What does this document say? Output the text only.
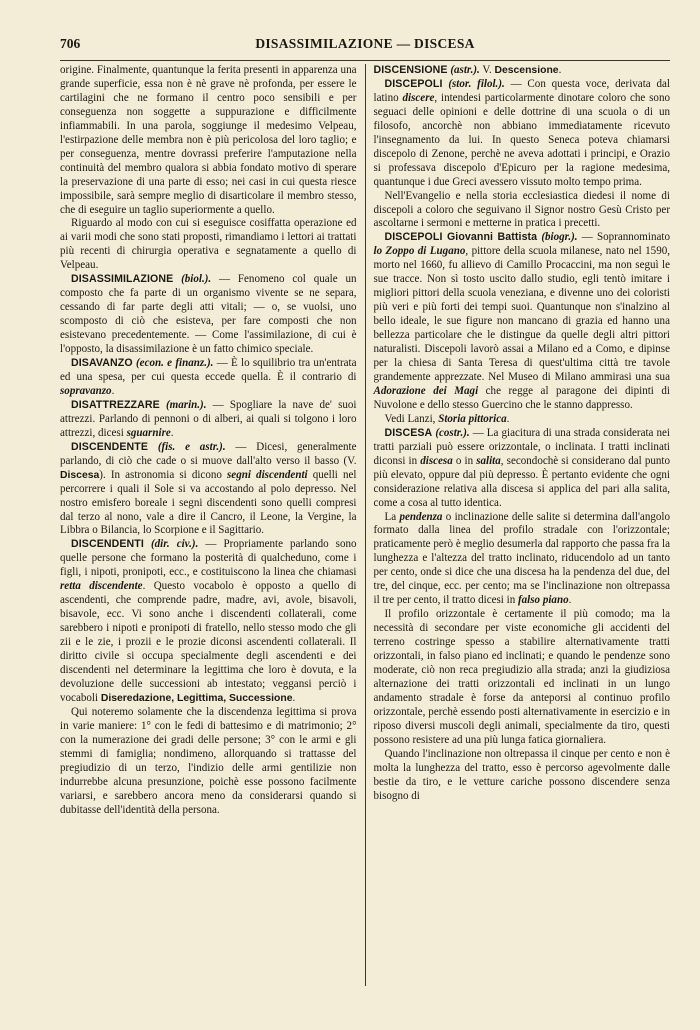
706	DISASSIMILAZIONE — DISCESA

origine. Finalmente, quantunque la ferita presenti in apparenza una grande superficie, essa non è nè grave nè profonda, per essere le cartilagini che ne formano il centro poco sensibili e per conseguenza non soggette a suppurazione e difficilmente infiammabili. In una parola, soggiunge il medesimo Velpeau, l'estirpazione delle membra non è più pericolosa del loro taglio; e per conseguenza, mentre dovrassi preferire l'amputazione nella continuità del membro qualora si abbia fondato motivo di sperare la preservazione di una parte di esso; nei casi in cui questa riesce impossibile, sarà sempre meglio di disarticolare il membro stesso, che di eseguire un taglio superiormente a quello.

Riguardo al modo con cui si eseguisce cosiffatta operazione ed ai varii modi che sono stati proposti, rimandiamo i lettori ai trattati più recenti di chirurgia operativa e segnatamente a quello di Velpeau.

DISASSIMILAZIONE (biol.). — Fenomeno col quale un composto che fa parte di un organismo vivente se ne separa, cessando di far parte degli atti vitali; — o, se vuolsi, uno scomposto di ciò che esisteva, per fare composti che non esistevano precedentemente. — Come l'assimilazione, di cui è l'opposto, la disassimilazione è un fatto chimico speciale.

DISAVANZO (econ. e finanz.). — È lo squilibrio tra un'entrata ed una spesa, per cui questa eccede quella. È il contrario di sopravanzo.

DISATTREZZARE (marin.). — Spogliare la nave de' suoi attrezzi. Parlando di pennoni o di alberi, ai quali si tolgono i loro attrezzi, dicesi sguarnire.

DISCENDENTE (fis. e astr.). — Dicesi, generalmente parlando, di ciò che cade o si muove dall'alto verso il basso (V. Discesa). In astronomia si dicono segni discendenti quelli nel percorrere i quali il Sole si va accostando al polo depresso. Nel nostro emisfero boreale i segni discendenti sono quelli compresi dal terzo al nono, vale a dire il Cancro, il Leone, la Vergine, la Libbra o Bilancia, lo Scorpione e il Sagittario.

DISCENDENTI (dir. civ.). — Propriamente parlando sono quelle persone che formano la posterità di qualcheduno, come i figli, i nipoti, pronipoti, ecc., e costituiscono la linea che chiamasi retta discendente. Questo vocabolo è opposto a quello di ascendenti, che comprende padre, madre, avi, avole, bisavoli, bisavole, ecc. Vi sono anche i discendenti collaterali, come sarebbero i nipoti e pronipoti di fratello, nello stesso modo che gli zii e le zie, i prozii e le prozie diconsi ascendenti collaterali. Il diritto civile si occupa specialmente degli ascendenti e dei discendenti nel determinare la legittima che loro è dovuta, e la devoluzione delle successioni ab intestato; veggansi perciò i vocaboli Diseredazione, Legittima, Successione.

Qui noteremo solamente che la discendenza legittima si prova in varie maniere: 1° con le fedi di battesimo e di matrimonio; 2° con la numerazione dei gradi delle persone; 3° con le armi e gli stemmi di famiglia; nondimeno, allorquando si trattasse del pregiudizio di un terzo, l'indizio delle armi gentilizie non indurrebbe alcuna presunzione, poichè esse possono facilmente variarsi, e sarebbero ancora meno da considerarsi quando si dubitasse dell'identità della persona.

DISCENSIONE (astr.). V. Descensione.

DISCEPOLI (stor. filol.). — Con questa voce, derivata dal latino discere, intendesi particolarmente dinotare coloro che sono seguaci delle opinioni e delle dottrine di una scuola o di un filosofo, ancorchè non abbiano immediatamente ricevuto l'insegnamento da lui. In questo Seneca poteva chiamarsi discepolo di Zenone, perchè ne aveva adottati i principi, e Orazio si professava discepolo d'Epicuro per la ragione medesima, quantunque i due Greci avessero vissuto molto tempo prima.

Nell'Evangelio e nella storia ecclesiastica diedesi il nome di discepoli a coloro che seguivano il Signor nostro Gesù Cristo per ascoltarne i sermoni e metterne in pratica i precetti.

DISCEPOLI Giovanni Battista (biogr.). — Soprannominato lo Zoppo di Lugano, pittore della scuola milanese, nato nel 1590, morto nel 1660, fu allievo di Camillo Procaccini, ma non seguì le sue tracce. Non sì tosto uscito dallo studio, egli tentò imitare i migliori pittori della scuola veneziana, e divenne uno dei coloristi più veri e più forti dei tempi suoi. Quantunque non s'inalzino al bello ideale, le sue figure non mancano di grazia ed hanno una bellezza particolare che le distingue da quelle degli altri pittori naturalisti. Discepoli lavorò assai a Milano ed a Como, e dipinse per la chiesa di Santa Teresa di quest'ultima città tre tavole grandemente apprezzate. Nel Museo di Milano ammirasi una sua Adorazione dei Magi che regge al paragone dei dipinti di Nuvolone e dello stesso Guercino che le stanno dappresso.

Vedi Lanzi, Storia pittorica.

DISCESA (costr.). — La giacitura di una strada considerata nei tratti parziali può essere orizzontale, o inclinata. I tratti inclinati diconsi in discesa o in salita, secondochè si considerano dal punto più elevato, oppure dal più depresso. È pertanto evidente che ogni considerazione relativa alla discesa si applica del pari alla salita, come a cosa al tutto identica.

La pendenza o inclinazione delle salite si determina dall'angolo formato dalla linea del profilo stradale con l'orizzontale; praticamente però è meglio desumerla dal rapporto che passa fra la lunghezza e l'altezza del tratto inclinato, riducendolo ad un tanto per cento, onde si dice che una discesa ha la pendenza del due, del tre, del cinque, ecc. per cento; ma se l'inclinazione non oltrepassa il tre per cento, il tratto dicesi in falso piano.

Il profilo orizzontale è certamente il più comodo; ma la necessità di secondare per viste economiche gli accidenti del terreno costringe spesso a stabilire alternativamente tratti orizzontali, in falso piano ed inclinati; e quando le pendenze sono moderate, ciò non reca pregiudizio alla strada; anzi la giudiziosa alternazione dei tratti orizzontali ed inclinati in un lungo andamento stradale è forse da anteporsi al continuo profilo orizzontale, perchè essendo posti alternativamente in esercizio e in riposo diversi muscoli degli animali, specialmente da tiro, questi possono resistere ad una più lunga fatica giornaliera.

Quando l'inclinazione non oltrepassa il cinque per cento e non è molta la lunghezza del tratto, esso è percorso agevolmente dalle bestie da tiro, e le vetture cariche possono discendere senza bisogno di
